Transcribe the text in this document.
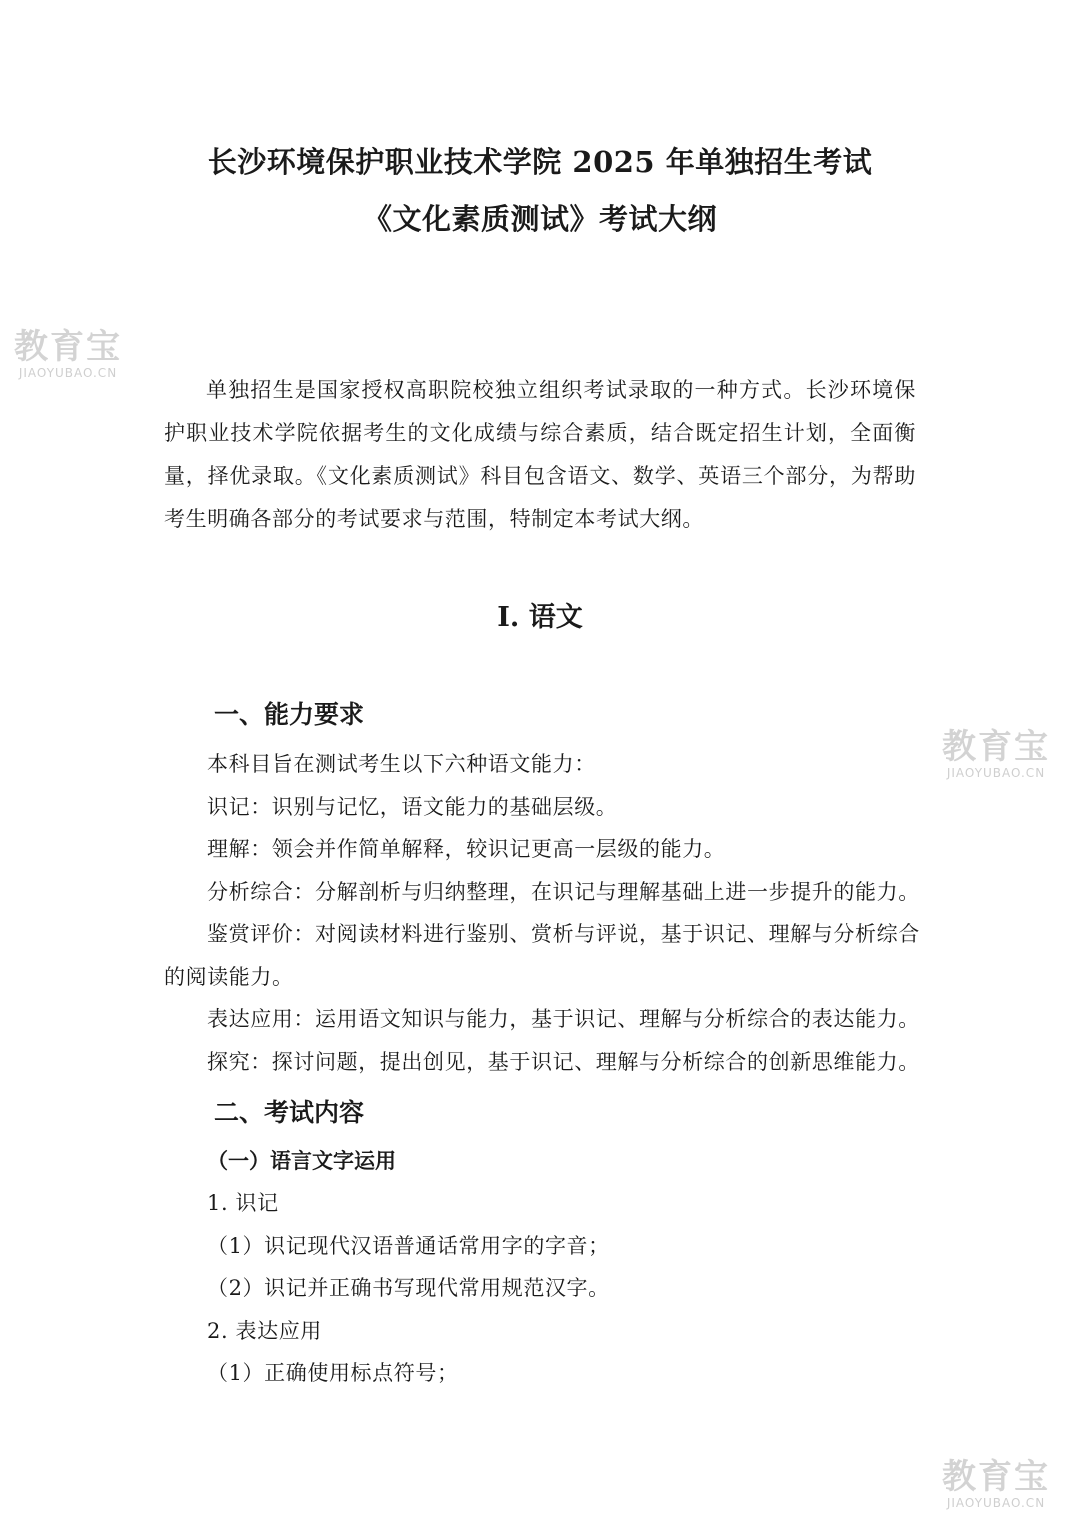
长沙环境保护职业技术学院 2025 年单独招生考试
《文化素质测试》考试大纲
单独招生是国家授权高职院校独立组织考试录取的一种方式。长沙环境保护职业技术学院依据考生的文化成绩与综合素质，结合既定招生计划，全面衡量，择优录取。《文化素质测试》科目包含语文、数学、英语三个部分，为帮助考生明确各部分的考试要求与范围，特制定本考试大纲。
Ⅰ. 语文
一、能力要求
本科目旨在测试考生以下六种语文能力：
识记：识别与记忆，语文能力的基础层级。
理解：领会并作简单解释，较识记更高一层级的能力。
分析综合：分解剖析与归纳整理，在识记与理解基础上进一步提升的能力。
鉴赏评价：对阅读材料进行鉴别、赏析与评说，基于识记、理解与分析综合
的阅读能力。
表达应用：运用语文知识与能力，基于识记、理解与分析综合的表达能力。
探究：探讨问题，提出创见，基于识记、理解与分析综合的创新思维能力。
二、考试内容
（一）语言文字运用
1. 识记
（1）识记现代汉语普通话常用字的字音；
（2）识记并正确书写现代常用规范汉字。
2. 表达应用
（1）正确使用标点符号；
教育宝
JIAOYUBAO.CN
教育宝
JIAOYUBAO.CN
教育宝
JIAOYUBAO.CN
